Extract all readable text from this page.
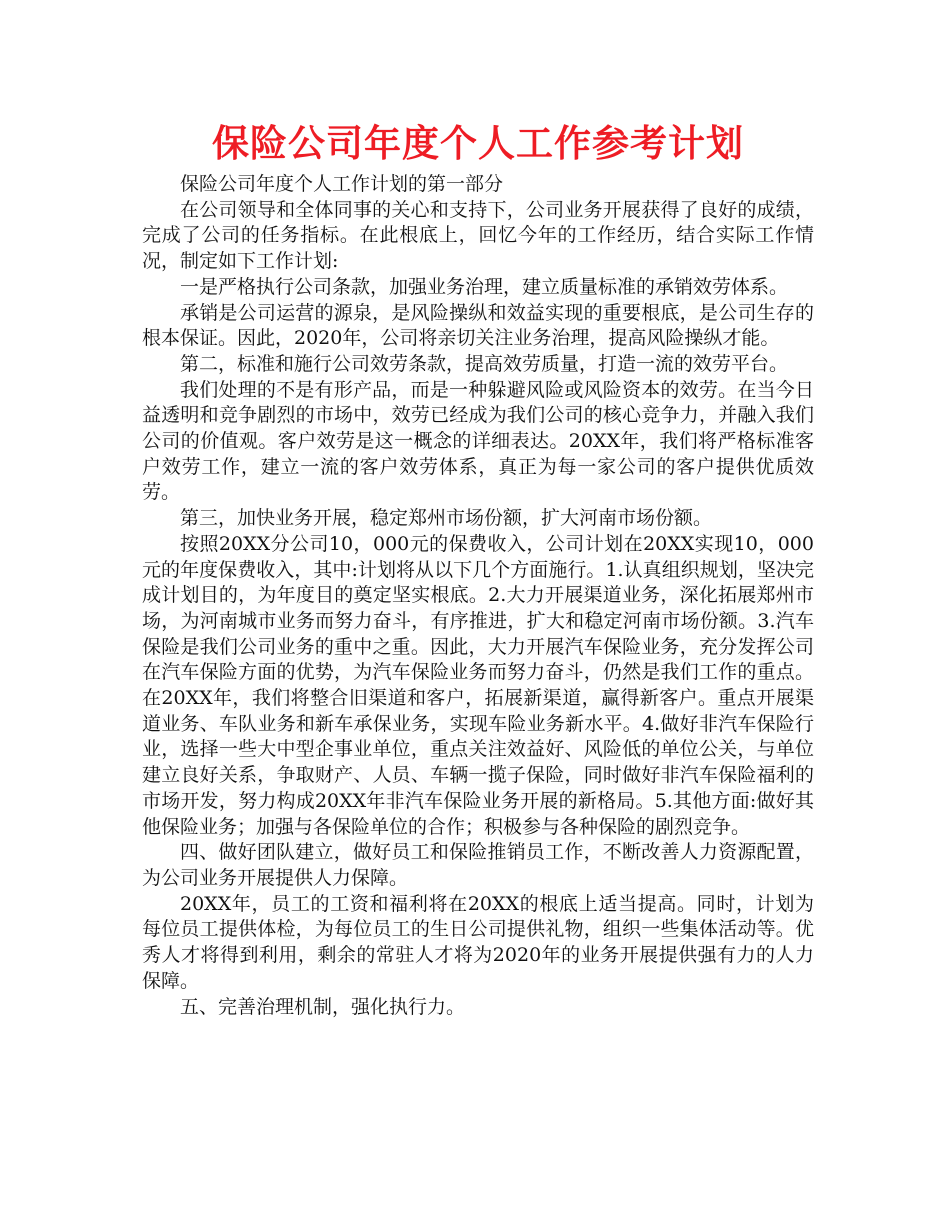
保险公司年度个人工作参考计划

保险公司年度个人工作计划的第一部分

在公司领导和全体同事的关心和支持下，公司业务开展获得了良好的成绩，完成了公司的任务指标。在此根底上，回忆今年的工作经历，结合实际工作情况，制定如下工作计划:

一是严格执行公司条款，加强业务治理，建立质量标准的承销效劳体系。

承销是公司运营的源泉，是风险操纵和效益实现的重要根底，是公司生存的根本保证。因此，2020年，公司将亲切关注业务治理，提高风险操纵才能。

第二，标准和施行公司效劳条款，提高效劳质量，打造一流的效劳平台。

我们处理的不是有形产品，而是一种躲避风险或风险资本的效劳。在当今日益透明和竞争剧烈的市场中，效劳已经成为我们公司的核心竞争力，并融入我们公司的价值观。客户效劳是这一概念的详细表达。20XX年，我们将严格标准客户效劳工作，建立一流的客户效劳体系，真正为每一家公司的客户提供优质效劳。

第三，加快业务开展，稳定郑州市场份额，扩大河南市场份额。

按照20XX分公司10，000元的保费收入，公司计划在20XX实现10，000元的年度保费收入，其中:计划将从以下几个方面施行。1.认真组织规划，坚决完成计划目的，为年度目的奠定坚实根底。2.大力开展渠道业务，深化拓展郑州市场，为河南城市业务而努力奋斗，有序推进，扩大和稳定河南市场份额。3.汽车保险是我们公司业务的重中之重。因此，大力开展汽车保险业务，充分发挥公司在汽车保险方面的优势，为汽车保险业务而努力奋斗，仍然是我们工作的重点。在20XX年，我们将整合旧渠道和客户，拓展新渠道，赢得新客户。重点开展渠道业务、车队业务和新车承保业务，实现车险业务新水平。4.做好非汽车保险行业，选择一些大中型企事业单位，重点关注效益好、风险低的单位公关，与单位建立良好关系，争取财产、人员、车辆一揽子保险，同时做好非汽车保险福利的市场开发，努力构成20XX年非汽车保险业务开展的新格局。5.其他方面:做好其他保险业务；加强与各保险单位的合作；积极参与各种保险的剧烈竞争。

四、做好团队建立，做好员工和保险推销员工作，不断改善人力资源配置，为公司业务开展提供人力保障。

20XX年，员工的工资和福利将在20XX的根底上适当提高。同时，计划为每位员工提供体检，为每位员工的生日公司提供礼物，组织一些集体活动等。优秀人才将得到利用，剩余的常驻人才将为2020年的业务开展提供强有力的人力保障。

五、完善治理机制，强化执行力。
